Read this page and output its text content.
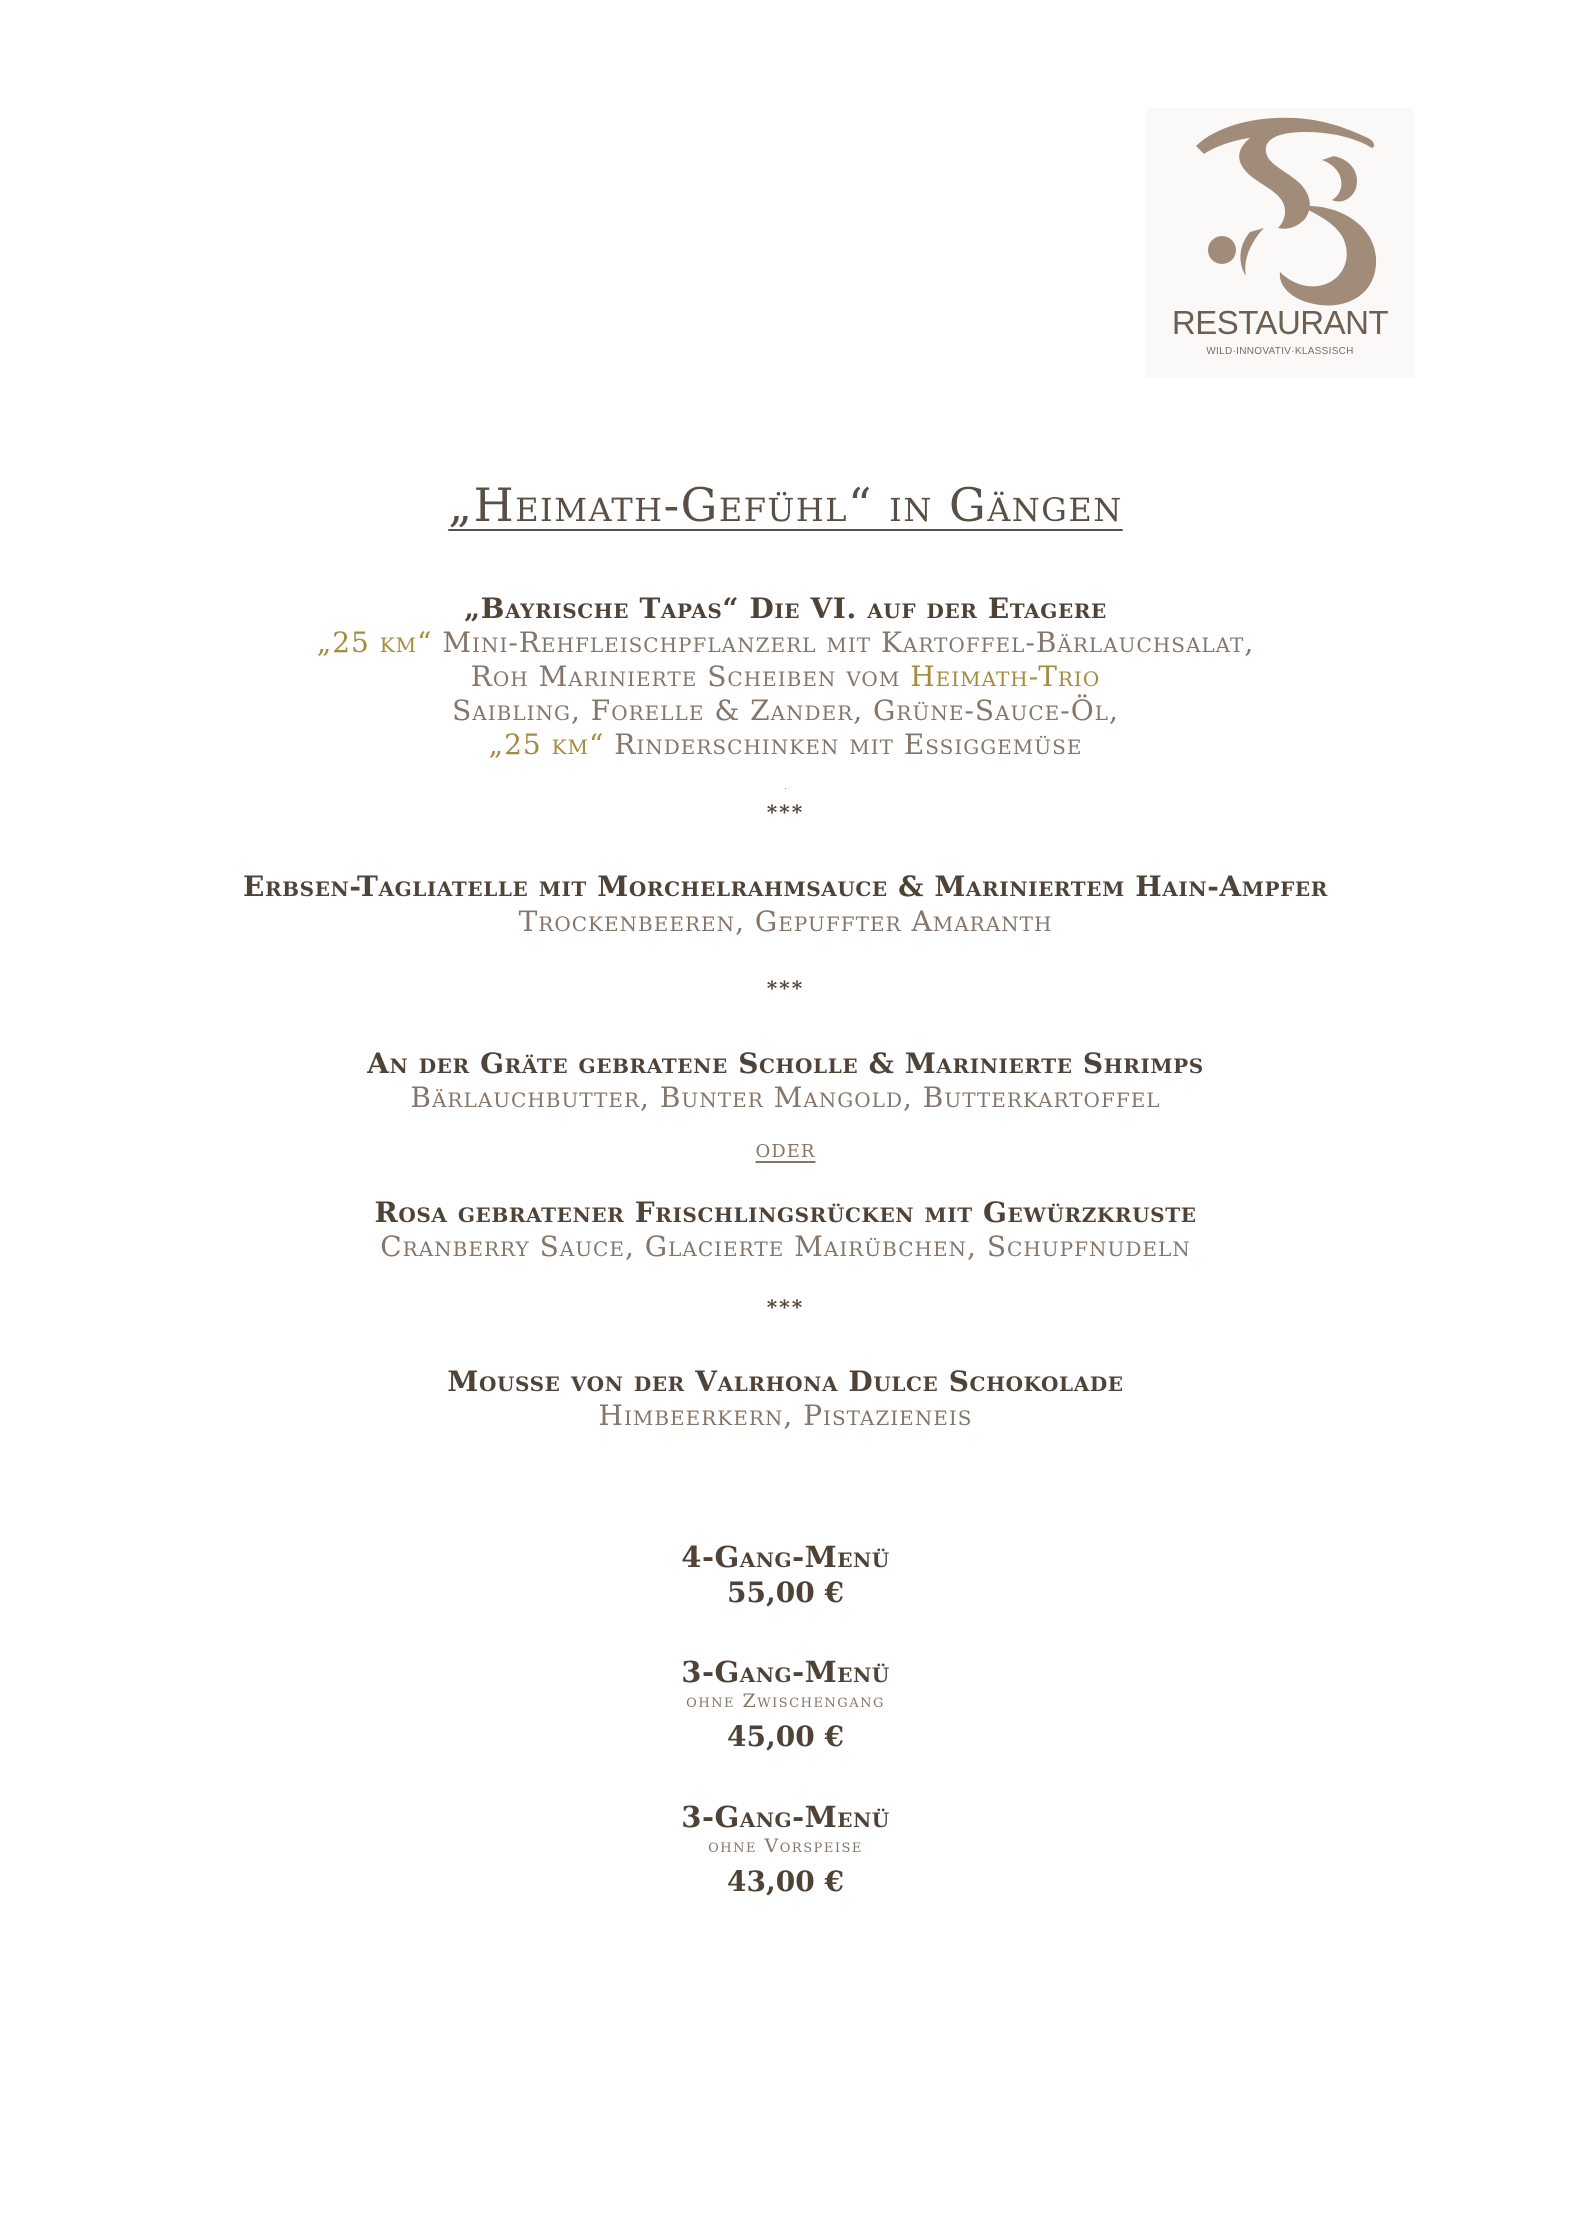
RESTAURANT
WILD·INNOVATIV·KLASSISCH
„Heimath-Gefühl“ in Gängen
„Bayrische Tapas“ Die VI. auf der Etagere
„25 km“ Mini-Rehfleischpflanzerl mit Kartoffel-Bärlauchsalat,
Roh Marinierte Scheiben vom Heimath-Trio
Saibling, Forelle & Zander, Grüne-Sauce-Öl,
„25 km“ Rinderschinken mit Essiggemüse
.
***
Erbsen-Tagliatelle mit Morchelrahmsauce & Mariniertem Hain-Ampfer
Trockenbeeren, Gepuffter Amaranth
***
An der Gräte gebratene Scholle & Marinierte Shrimps
Bärlauchbutter, Bunter Mangold, Butterkartoffel
oder
Rosa gebratener Frischlingsrücken mit Gewürzkruste
Cranberry Sauce, Glacierte Mairübchen, Schupfnudeln
***
Mousse von der Valrhona Dulce Schokolade
Himbeerkern, Pistazieneis
4-Gang-Menü
55,00 €
3-Gang-Menü
ohne Zwischengang
45,00 €
3-Gang-Menü
ohne Vorspeise
43,00 €
